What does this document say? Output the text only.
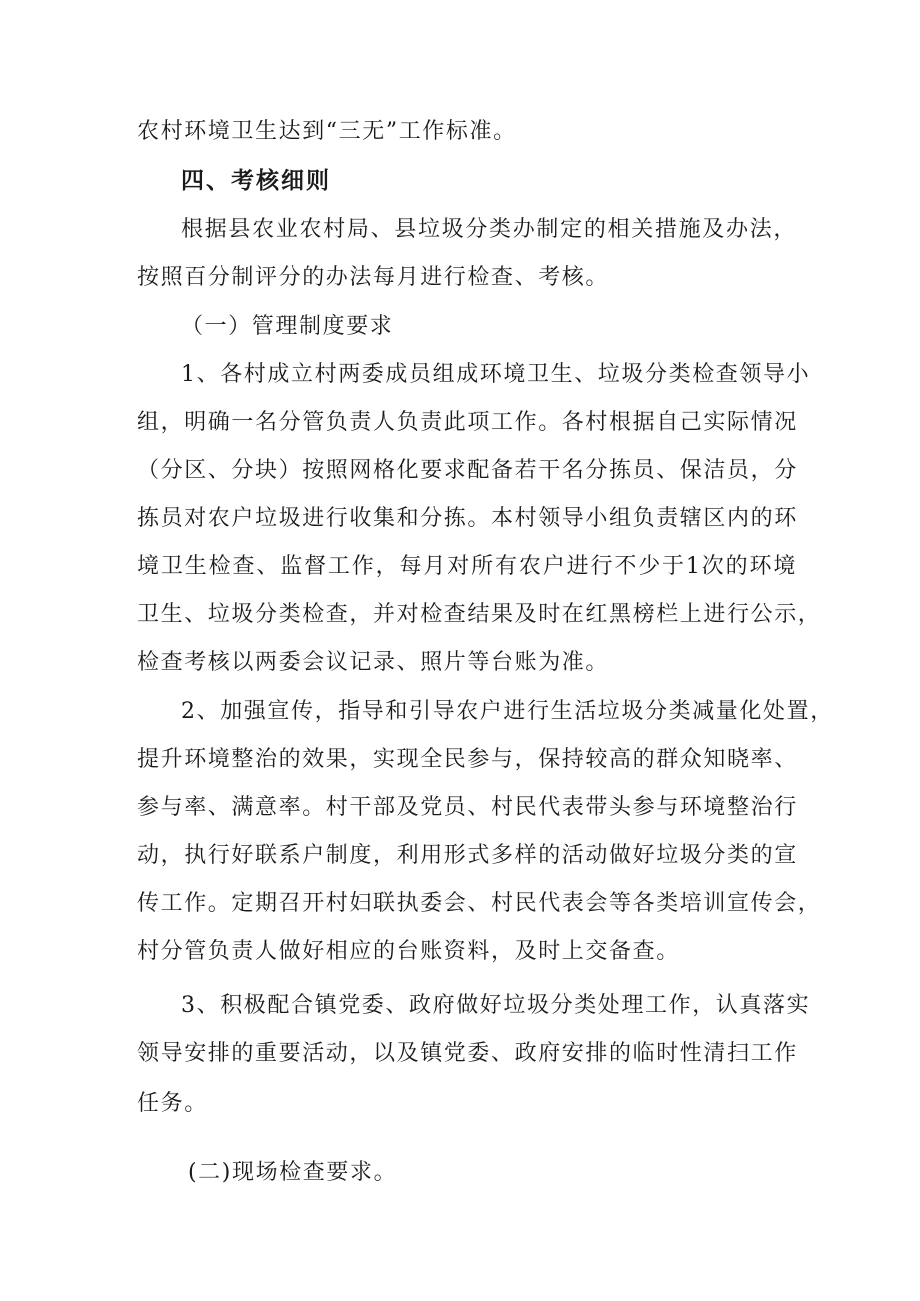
农村环境卫生达到“三无”工作标准。
四、考核细则
根据县农业农村局、县垃圾分类办制定的相关措施及办法，
按照百分制评分的办法每月进行检查、考核。
（一）管理制度要求
1、各村成立村两委成员组成环境卫生、垃圾分类检查领导小
组，明确一名分管负责人负责此项工作。各村根据自己实际情况
（分区、分块）按照网格化要求配备若干名分拣员、保洁员，分
拣员对农户垃圾进行收集和分拣。本村领导小组负责辖区内的环
境卫生检查、监督工作，每月对所有农户进行不少于1次的环境
卫生、垃圾分类检查，并对检查结果及时在红黑榜栏上进行公示，
检查考核以两委会议记录、照片等台账为准。
2、加强宣传，指导和引导农户进行生活垃圾分类减量化处置，
提升环境整治的效果，实现全民参与，保持较高的群众知晓率、
参与率、满意率。村干部及党员、村民代表带头参与环境整治行
动，执行好联系户制度，利用形式多样的活动做好垃圾分类的宣
传工作。定期召开村妇联执委会、村民代表会等各类培训宣传会，
村分管负责人做好相应的台账资料，及时上交备查。
3、积极配合镇党委、政府做好垃圾分类处理工作，认真落实
领导安排的重要活动，以及镇党委、政府安排的临时性清扫工作
任务。
(二)现场检查要求。
